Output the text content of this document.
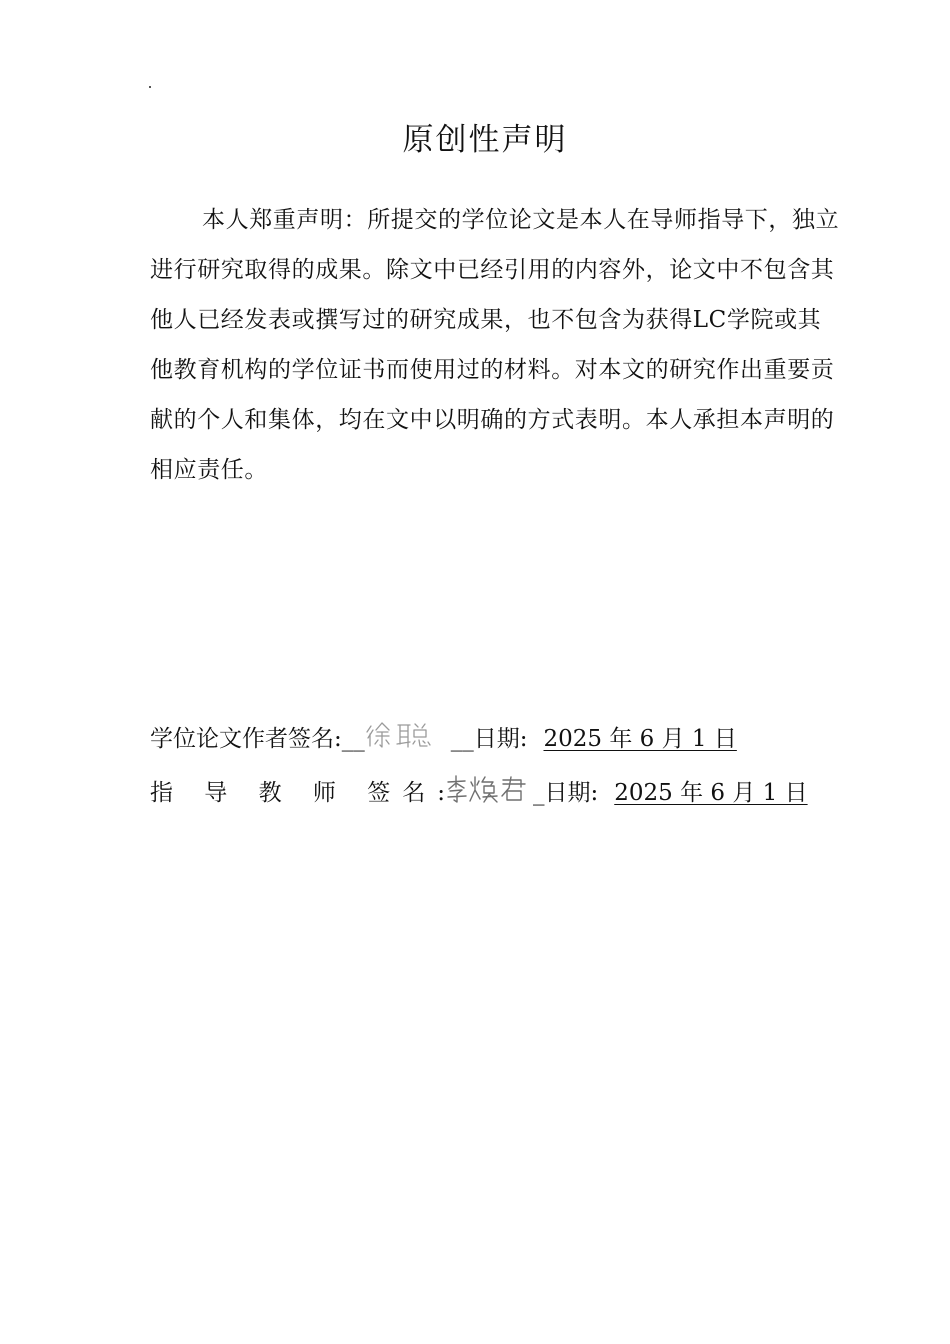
原创性声明

本人郑重声明：所提交的学位论文是本人在导师指导下，独立进行研究取得的成果。除文中已经引用的内容外，论文中不包含其他人已经发表或撰写过的研究成果，也不包含为获得LC学院或其他教育机构的学位证书而使用过的材料。对本文的研究作出重要贡献的个人和集体，均在文中以明确的方式表明。本人承担本声明的相应责任。

学位论文作者签名:__	__日期: 2025 年 6 月 1 日
指 导 教 师 签名:	_日期: 2025 年 6 月 1 日
